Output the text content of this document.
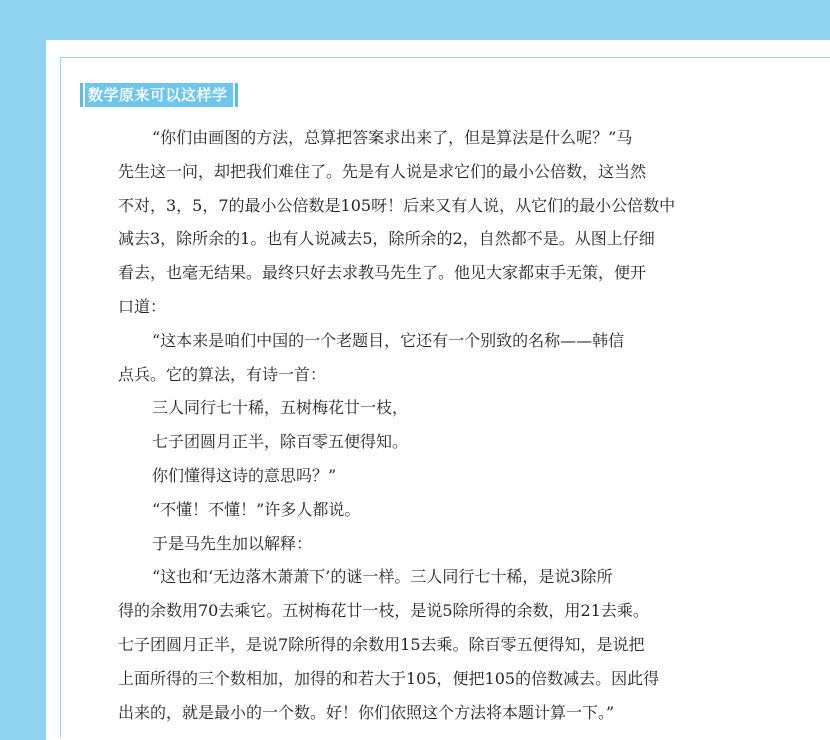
数学原来可以这样学
“你们由画图的方法，总算把答案求出来了，但是算法是什么呢？”马
先生这一问，却把我们难住了。先是有人说是求它们的最小公倍数，这当然
不对，3，5，7的最小公倍数是105呀！后来又有人说，从它们的最小公倍数中
减去3，除所余的1。也有人说减去5，除所余的2，自然都不是。从图上仔细
看去，也毫无结果。最终只好去求教马先生了。他见大家都束手无策，便开
口道：
“这本来是咱们中国的一个老题目，它还有一个别致的名称——韩信
点兵。它的算法，有诗一首：
三人同行七十稀，五树梅花廿一枝，
七子团圆月正半，除百零五便得知。
你们懂得这诗的意思吗？”
“不懂！不懂！”许多人都说。
于是马先生加以解释：
“这也和‘无边落木萧萧下’的谜一样。三人同行七十稀，是说3除所
得的余数用70去乘它。五树梅花廿一枝，是说5除所得的余数，用21去乘。
七子团圆月正半，是说7除所得的余数用15去乘。除百零五便得知，是说把
上面所得的三个数相加，加得的和若大于105，便把105的倍数减去。因此得
出来的，就是最小的一个数。好！你们依照这个方法将本题计算一下。”
